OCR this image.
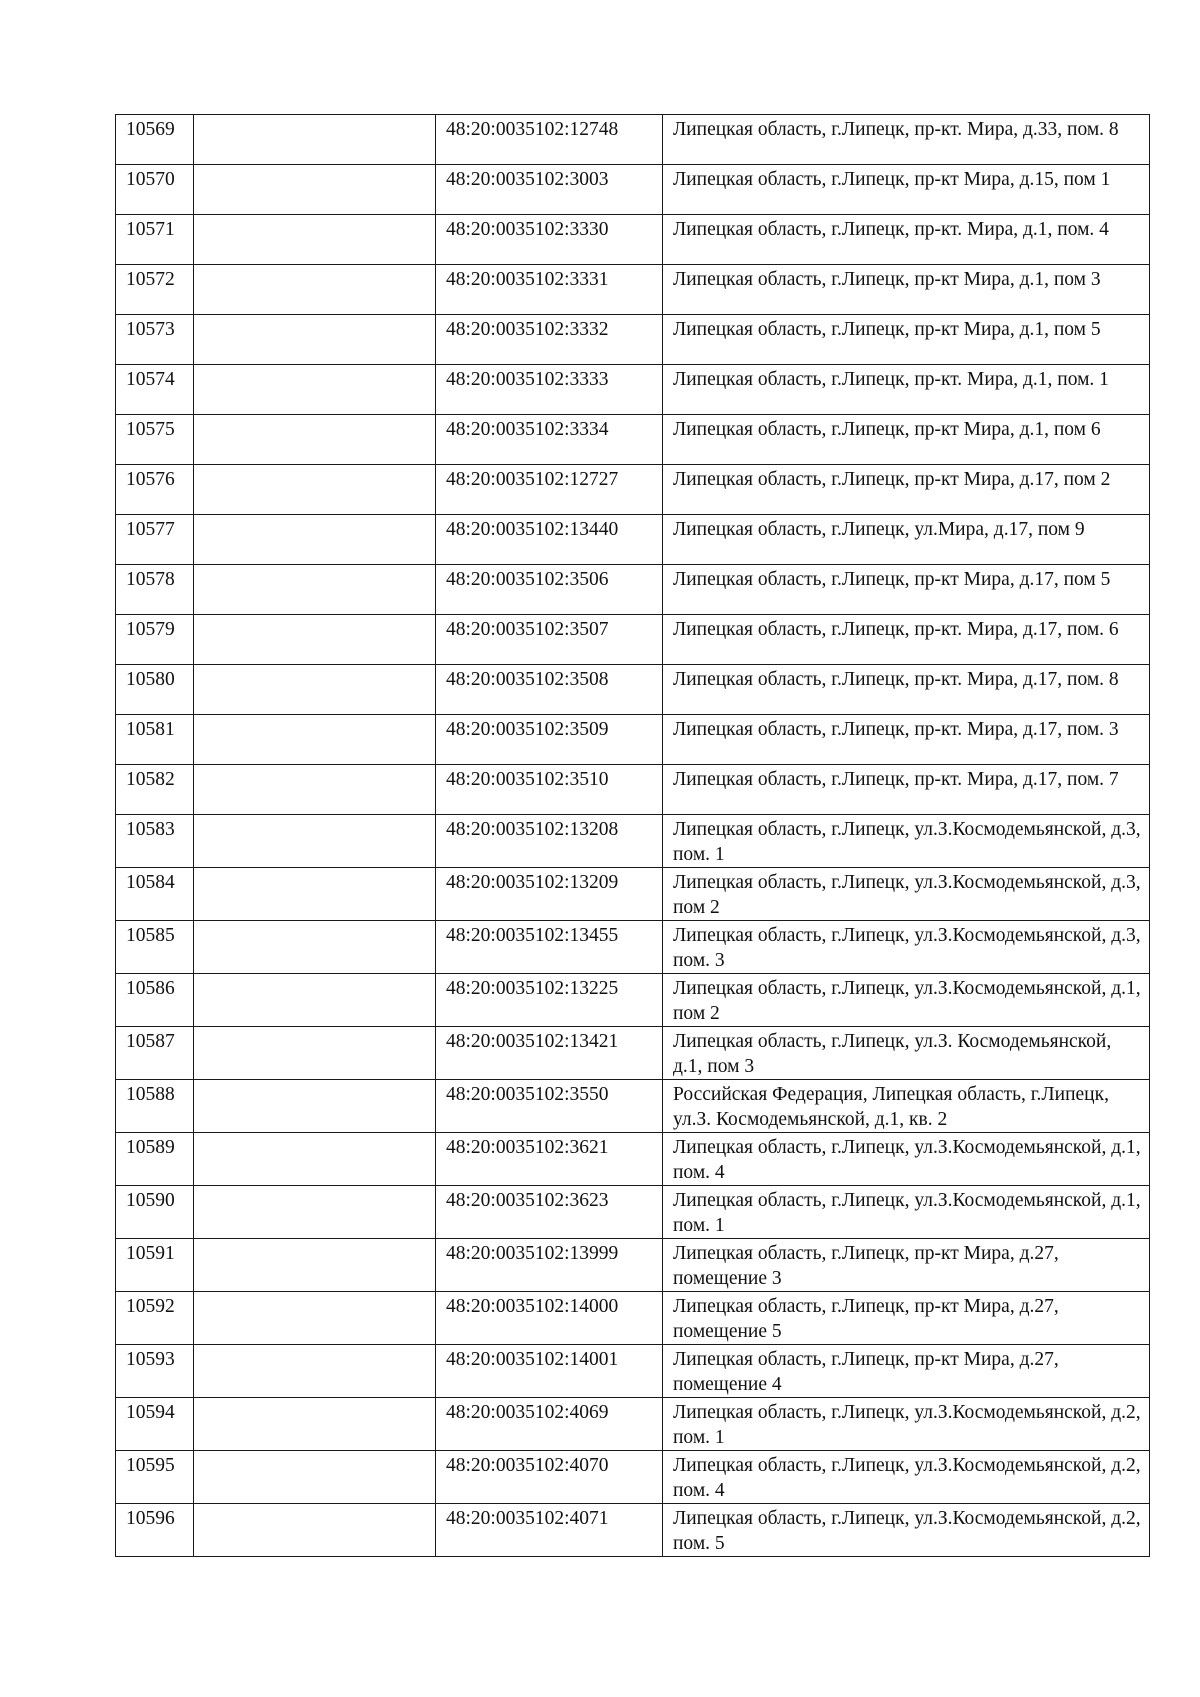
10569		48:20:0035102:12748	Липецкая область, г.Липецк, пр-кт. Мира, д.33, пом. 8
10570		48:20:0035102:3003	Липецкая область, г.Липецк, пр-кт Мира, д.15, пом 1
10571		48:20:0035102:3330	Липецкая область, г.Липецк, пр-кт. Мира, д.1, пом. 4
10572		48:20:0035102:3331	Липецкая область, г.Липецк, пр-кт Мира, д.1, пом 3
10573		48:20:0035102:3332	Липецкая область, г.Липецк, пр-кт Мира, д.1, пом 5
10574		48:20:0035102:3333	Липецкая область, г.Липецк, пр-кт. Мира, д.1, пом. 1
10575		48:20:0035102:3334	Липецкая область, г.Липецк, пр-кт Мира, д.1, пом 6
10576		48:20:0035102:12727	Липецкая область, г.Липецк, пр-кт Мира, д.17, пом 2
10577		48:20:0035102:13440	Липецкая область, г.Липецк, ул.Мира, д.17, пом 9
10578		48:20:0035102:3506	Липецкая область, г.Липецк, пр-кт Мира, д.17, пом 5
10579		48:20:0035102:3507	Липецкая область, г.Липецк, пр-кт. Мира, д.17, пом. 6
10580		48:20:0035102:3508	Липецкая область, г.Липецк, пр-кт. Мира, д.17, пом. 8
10581		48:20:0035102:3509	Липецкая область, г.Липецк, пр-кт. Мира, д.17, пом. 3
10582		48:20:0035102:3510	Липецкая область, г.Липецк, пр-кт. Мира, д.17, пом. 7
10583		48:20:0035102:13208	Липецкая область, г.Липецк, ул.З.Космодемьянской, д.3, пом. 1
10584		48:20:0035102:13209	Липецкая область, г.Липецк, ул.З.Космодемьянской, д.3, пом 2
10585		48:20:0035102:13455	Липецкая область, г.Липецк, ул.З.Космодемьянской, д.3, пом. 3
10586		48:20:0035102:13225	Липецкая область, г.Липецк, ул.З.Космодемьянской, д.1, пом 2
10587		48:20:0035102:13421	Липецкая область, г.Липецк, ул.З. Космодемьянской, д.1, пом 3
10588		48:20:0035102:3550	Российская Федерация, Липецкая область, г.Липецк, ул.З. Космодемьянской, д.1, кв. 2
10589		48:20:0035102:3621	Липецкая область, г.Липецк, ул.З.Космодемьянской, д.1, пом. 4
10590		48:20:0035102:3623	Липецкая область, г.Липецк, ул.З.Космодемьянской, д.1, пом. 1
10591		48:20:0035102:13999	Липецкая область, г.Липецк, пр-кт Мира, д.27, помещение 3
10592		48:20:0035102:14000	Липецкая область, г.Липецк, пр-кт Мира, д.27, помещение 5
10593		48:20:0035102:14001	Липецкая область, г.Липецк, пр-кт Мира, д.27, помещение 4
10594		48:20:0035102:4069	Липецкая область, г.Липецк, ул.З.Космодемьянской, д.2, пом. 1
10595		48:20:0035102:4070	Липецкая область, г.Липецк, ул.З.Космодемьянской, д.2, пом. 4
10596		48:20:0035102:4071	Липецкая область, г.Липецк, ул.З.Космодемьянской, д.2, пом. 5
